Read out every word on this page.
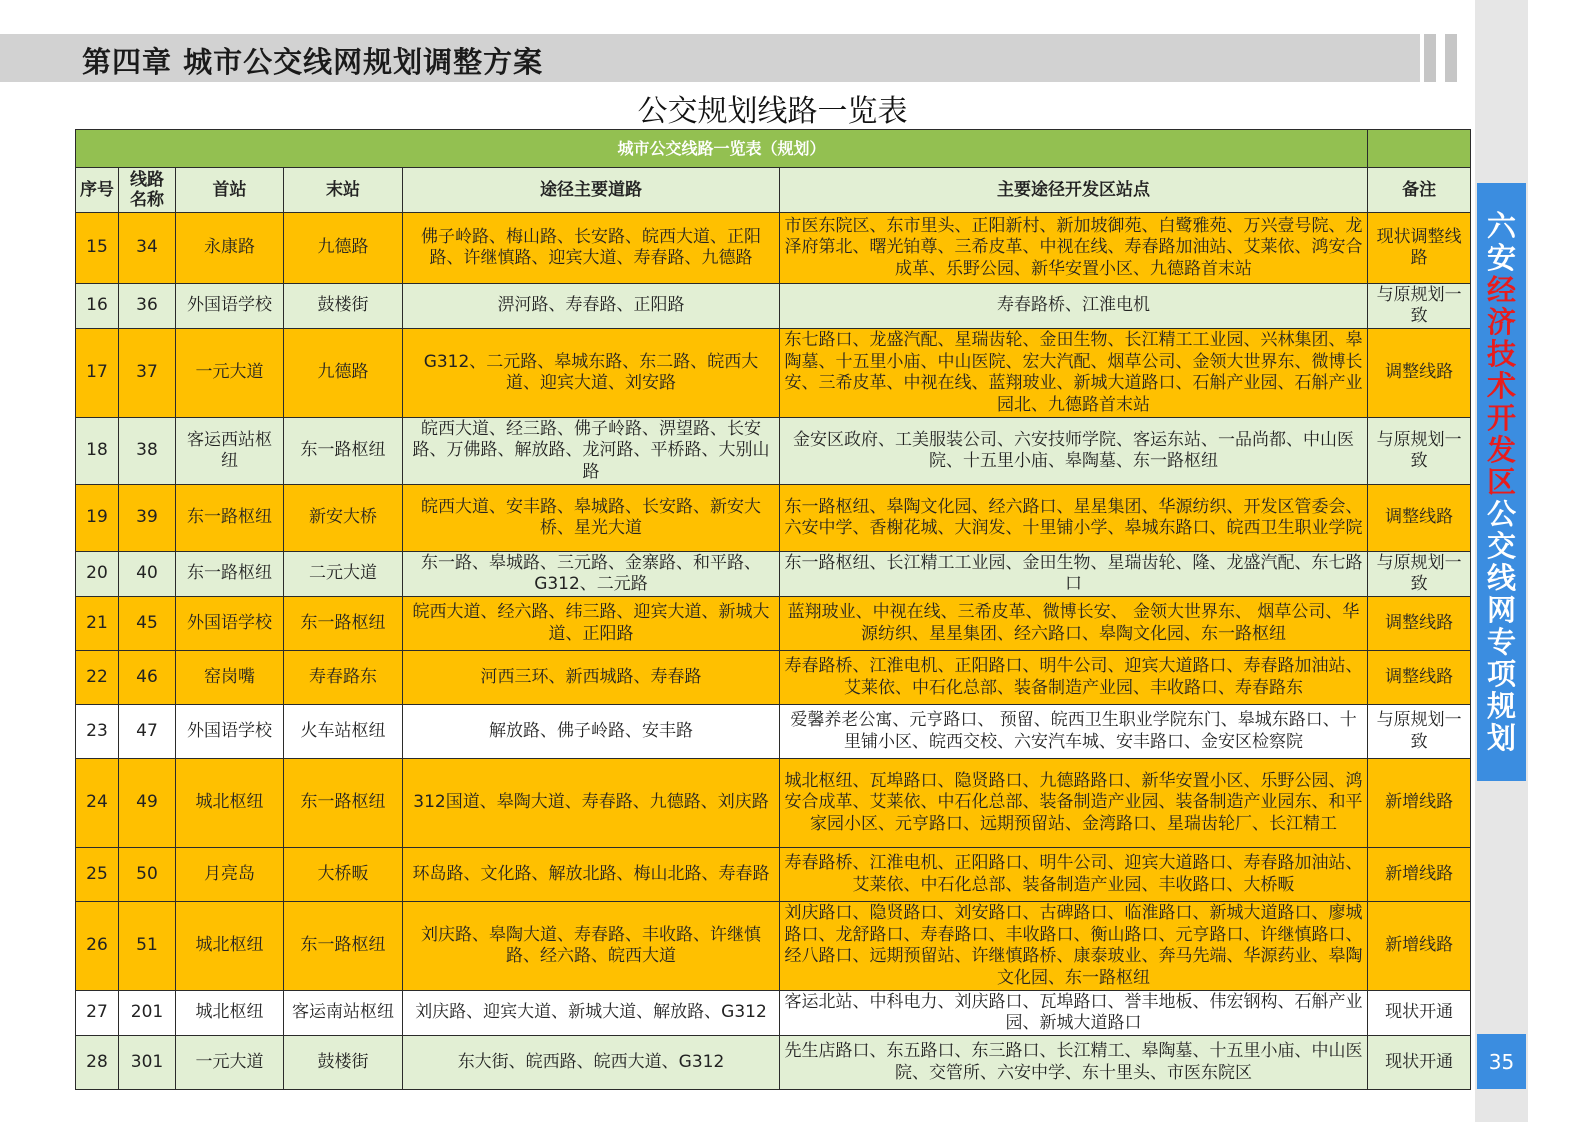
第四章 城市公交线网规划调整方案
六安经济技术开发区公交线网专项规划
35
公交规划线路一览表
城市公交线路一览表（规划）						
序号	线路名称	首站	末站	途径主要道路	主要途径开发区站点	备注
15	34	永康路	九德路	佛子岭路、梅山路、长安路、皖西大道、正阳路、许继慎路、迎宾大道、寿春路、九德路	市医东院区、东市里头、正阳新村、新加坡御苑、白鹭雅苑、万兴壹号院、龙泽府第北、曙光铂尊、三希皮革、中视在线、寿春路加油站、艾莱依、鸿安合成革、乐野公园、新华安置小区、九德路首末站	现状调整线路
16	36	外国语学校	鼓楼街	淠河路、寿春路、正阳路	寿春路桥、江淮电机	与原规划一致
17	37	一元大道	九德路	G312、二元路、皋城东路、东二路、皖西大道、迎宾大道、刘安路	东七路口、龙盛汽配、星瑞齿轮、金田生物、长江精工工业园、兴林集团、皋陶墓、十五里小庙、中山医院、宏大汽配、烟草公司、金领大世界东、微博长安、三希皮革、中视在线、蓝翔玻业、新城大道路口、石斛产业园、石斛产业园北、九德路首末站	调整线路
18	38	客运西站枢纽	东一路枢纽	皖西大道、经三路、佛子岭路、淠望路、长安路、万佛路、解放路、龙河路、平桥路、大别山路	金安区政府、工美服装公司、六安技师学院、客运东站、一品尚都、中山医院、十五里小庙、皋陶墓、东一路枢纽	与原规划一致
19	39	东一路枢纽	新安大桥	皖西大道、安丰路、皋城路、长安路、新安大桥、星光大道	东一路枢纽、皋陶文化园、经六路口、星星集团、华源纺织、开发区管委会、六安中学、香榭花城、大润发、十里铺小学、皋城东路口、皖西卫生职业学院	调整线路
20	40	东一路枢纽	二元大道	东一路、皋城路、三元路、金寨路、和平路、G312、二元路	东一路枢纽、长江精工工业园、金田生物、星瑞齿轮、隆、龙盛汽配、东七路口	与原规划一致
21	45	外国语学校	东一路枢纽	皖西大道、经六路、纬三路、迎宾大道、新城大道、正阳路	蓝翔玻业、中视在线、三希皮革、微博长安、 金领大世界东、 烟草公司、华源纺织、星星集团、经六路口、皋陶文化园、东一路枢纽	调整线路
22	46	窑岗嘴	寿春路东	河西三环、新西城路、寿春路	寿春路桥、江淮电机、正阳路口、明牛公司、迎宾大道路口、寿春路加油站、艾莱依、中石化总部、装备制造产业园、丰收路口、寿春路东	调整线路
23	47	外国语学校	火车站枢纽	解放路、佛子岭路、安丰路	爱馨养老公寓、元亨路口、 预留、皖西卫生职业学院东门、皋城东路口、十里铺小区、皖西交校、六安汽车城、安丰路口、金安区检察院	与原规划一致
24	49	城北枢纽	东一路枢纽	312国道、皋陶大道、寿春路、九德路、刘庆路	城北枢纽、瓦埠路口、隐贤路口、九德路路口、新华安置小区、乐野公园、鸿安合成革、艾莱依、中石化总部、装备制造产业园、装备制造产业园东、和平家园小区、元亨路口、远期预留站、金湾路口、星瑞齿轮厂、长江精工	新增线路
25	50	月亮岛	大桥畈	环岛路、文化路、解放北路、梅山北路、寿春路	寿春路桥、江淮电机、正阳路口、明牛公司、迎宾大道路口、寿春路加油站、艾莱依、中石化总部、装备制造产业园、丰收路口、大桥畈	新增线路
26	51	城北枢纽	东一路枢纽	刘庆路、皋陶大道、寿春路、丰收路、许继慎路、经六路、皖西大道	刘庆路口、隐贤路口、刘安路口、古碑路口、临淮路口、新城大道路口、廖城路口、龙舒路口、寿春路口、丰收路口、衡山路口、元亨路口、许继慎路口、经八路口、远期预留站、许继慎路桥、康泰玻业、奔马先端、华源药业、皋陶文化园、东一路枢纽	新增线路
27	201	城北枢纽	客运南站枢纽	刘庆路、迎宾大道、新城大道、解放路、G312	客运北站、中科电力、刘庆路口、瓦埠路口、誉丰地板、伟宏钢构、石斛产业园、新城大道路口	现状开通
28	301	一元大道	鼓楼街	东大街、皖西路、皖西大道、G312	先生店路口、东五路口、东三路口、长江精工、皋陶墓、十五里小庙、中山医院、交管所、六安中学、东十里头、市医东院区	现状开通
